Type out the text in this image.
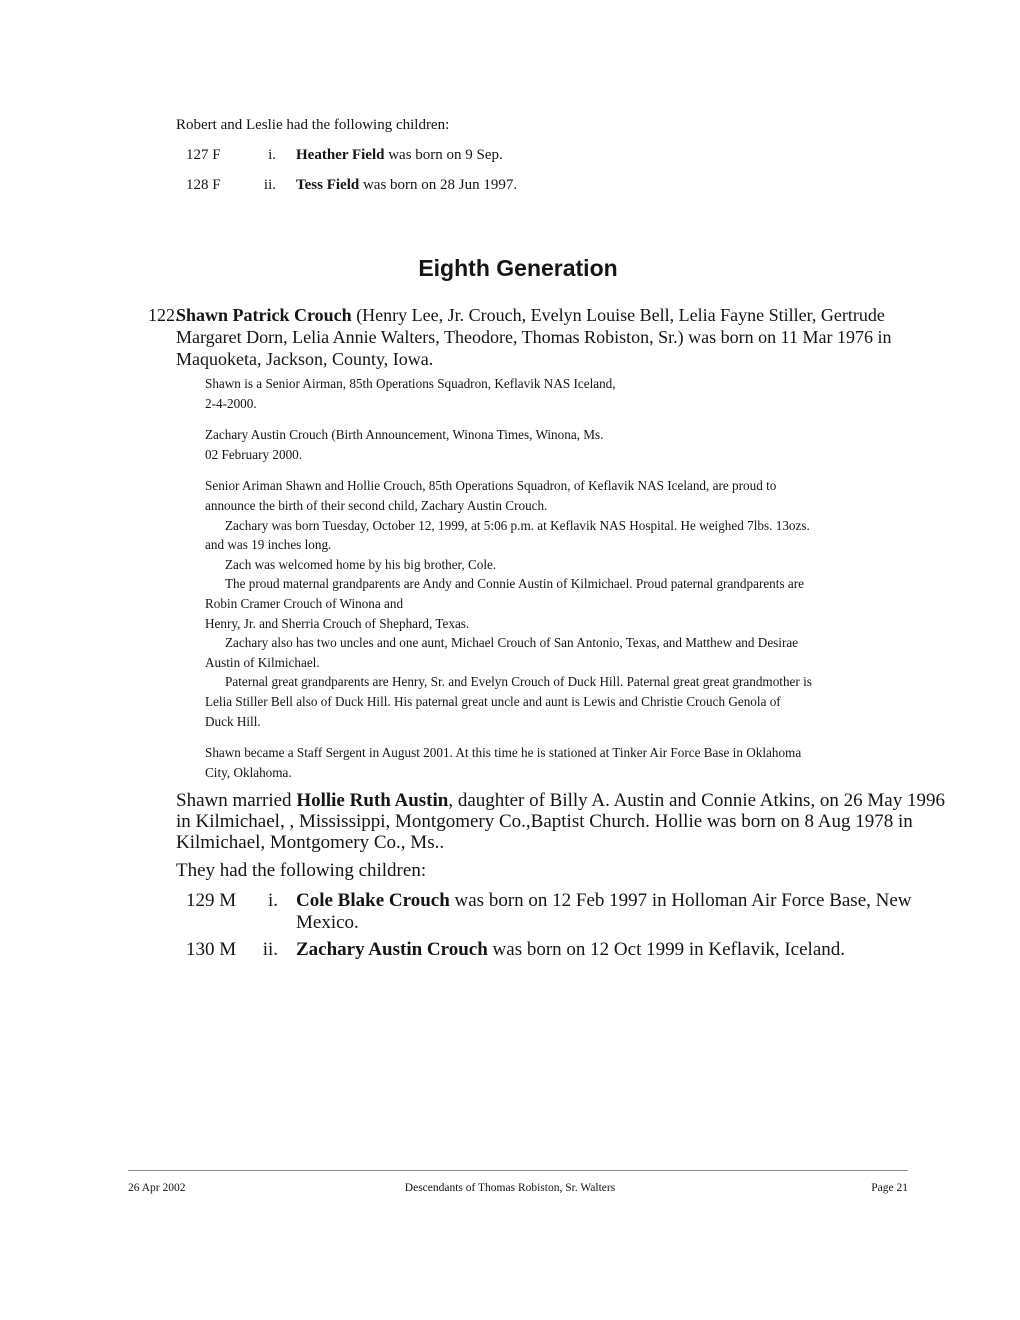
Robert and Leslie had the following children:
127 F	i. Heather Field was born on 9 Sep.
128 F	ii. Tess Field was born on 28 Jun 1997.
Eighth Generation
122.
Shawn Patrick Crouch (Henry Lee, Jr. Crouch, Evelyn Louise Bell, Lelia Fayne Stiller, Gertrude
Margaret Dorn, Lelia Annie Walters, Theodore, Thomas Robiston, Sr.) was born on 11 Mar 1976 in
Maquoketa, Jackson, County, Iowa.

Shawn is a Senior Airman, 85th Operations Squadron, Keflavik NAS Iceland,
2-4-2000.

Zachary Austin Crouch (Birth Announcement, Winona Times, Winona, Ms.
02 February 2000.

Senior Ariman Shawn and Hollie Crouch, 85th Operations Squadron, of Keflavik NAS Iceland, are proud to
announce the birth of their second child, Zachary Austin Crouch.
Zachary was born Tuesday, October 12, 1999, at 5:06 p.m. at Keflavik NAS Hospital. He weighed 7lbs. 13ozs.
and was 19 inches long.
Zach was welcomed home by his big brother, Cole.
The proud maternal grandparents are Andy and Connie Austin of Kilmichael. Proud paternal grandparents are
Robin Cramer Crouch of Winona and
Henry, Jr. and Sherria Crouch of Shephard, Texas.
Zachary also has two uncles and one aunt, Michael Crouch of San Antonio, Texas, and Matthew and Desirae
Austin of Kilmichael.
Paternal great grandparents are Henry, Sr. and Evelyn Crouch of Duck Hill. Paternal great great grandmother is
Lelia Stiller Bell also of Duck Hill. His paternal great uncle and aunt is Lewis and Christie Crouch Genola of
Duck Hill.

Shawn became a Staff Sergent in August 2001. At this time he is stationed at Tinker Air Force Base in Oklahoma
City, Oklahoma.

Shawn married Hollie Ruth Austin, daughter of Billy A. Austin and Connie Atkins, on 26 May 1996
in Kilmichael, , Mississippi, Montgomery Co.,Baptist Church. Hollie was born on 8 Aug 1978 in
Kilmichael, Montgomery Co., Ms..
They had the following children:
129 M	i. Cole Blake Crouch was born on 12 Feb 1997 in Holloman Air Force Base, New
Mexico.
130 M	ii. Zachary Austin Crouch was born on 12 Oct 1999 in Keflavik, Iceland.
26 Apr 2002	Descendants of Thomas Robiston, Sr. Walters	Page 21
